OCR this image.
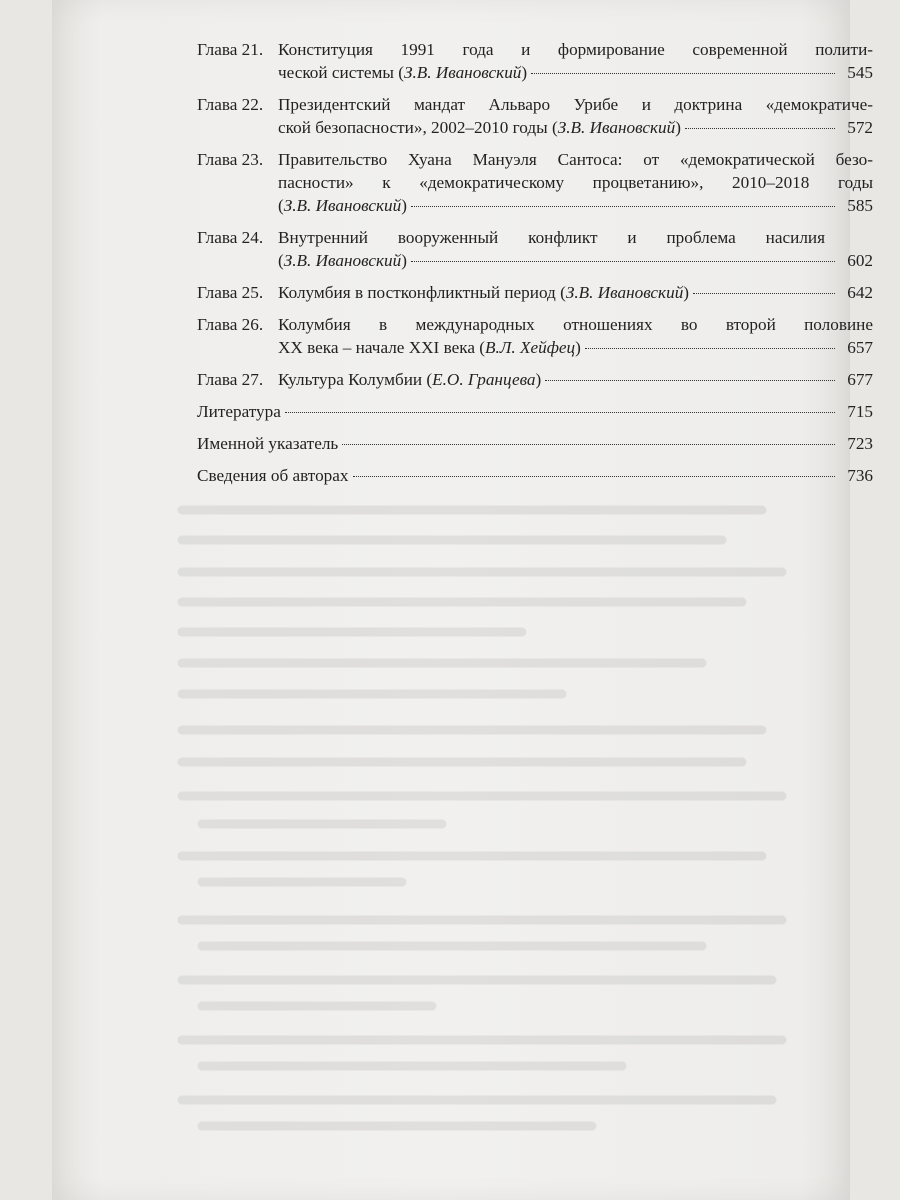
Глава 21. Конституция 1991 года и формирование современной полити-
ческой системы (З.В. Ивановский)	545
Глава 22. Президентский мандат Альваро Урибе и доктрина «демократиче-
ской безопасности», 2002–2010 годы (З.В. Ивановский)	572
Глава 23. Правительство Хуана Мануэля Сантоса: от «демократической безо-
пасности» к «демократическому процветанию», 2010–2018 годы
(З.В. Ивановский)	585
Глава 24. Внутренний вооруженный конфликт и проблема насилия
(З.В. Ивановский)	602
Глава 25. Колумбия в постконфликтный период (З.В. Ивановский)	642
Глава 26. Колумбия в международных отношениях во второй половине
XX века – начале XXI века (В.Л. Хейфец)	657
Глава 27. Культура Колумбии (Е.О. Гранцева)	677
Литература	715
Именной указатель	723
Сведения об авторах	736
